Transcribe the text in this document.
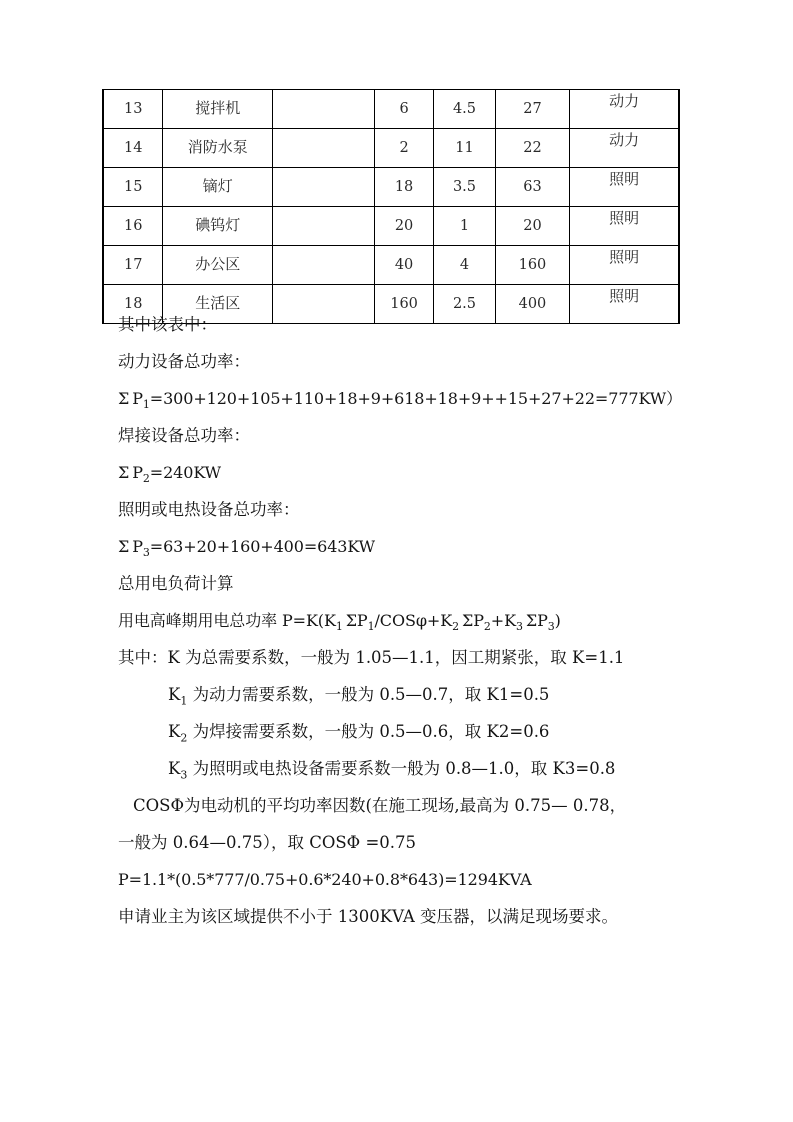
13	搅拌机		6	4.5	27	动力
14	消防水泵		2	11	22	动力
15	镝灯		18	3.5	63	照明
16	碘钨灯		20	1	20	照明
17	办公区		40	4	160	照明
18	生活区		160	2.5	400	照明

其中该表中：

动力设备总功率：

Σ $P_1=300+120+105+110+18+9+618+18+9++15+27+22=777KW$）

焊接设备总功率：

Σ $P_2=240KW$

照明或电热设备总功率：

Σ $P_3=63+20+160+400=643KW$

总用电负荷计算

用电高峰期用电总功率 $P=K(K_1$ $\Sigma P_1/COS\varphi+K_2$ $\Sigma P_2+K_3$ $\Sigma P_3$)

其中：K 为总需要系数，一般为 1.05—1.1，因工期紧张，取 K=1.1

$K_1$ 为动力需要系数，一般为 0.5—0.7，取 K1=0.5

$K_2$ 为焊接需要系数，一般为 0.5—0.6，取 K2=0.6

$K_3$ 为照明或电热设备需要系数一般为 0.8—1.0，取 K3=0.8

COSΦ为电动机的平均功率因数(在施工现场,最高为 0.75— 0.78，

一般为 0.64—0.75），取 COSΦ =0.75

P=1.1*(0.5*777/0.75+0.6*240+0.8*643)=1294KVA

申请业主为该区域提供不小于 1300KVA 变压器，以满足现场要求。
